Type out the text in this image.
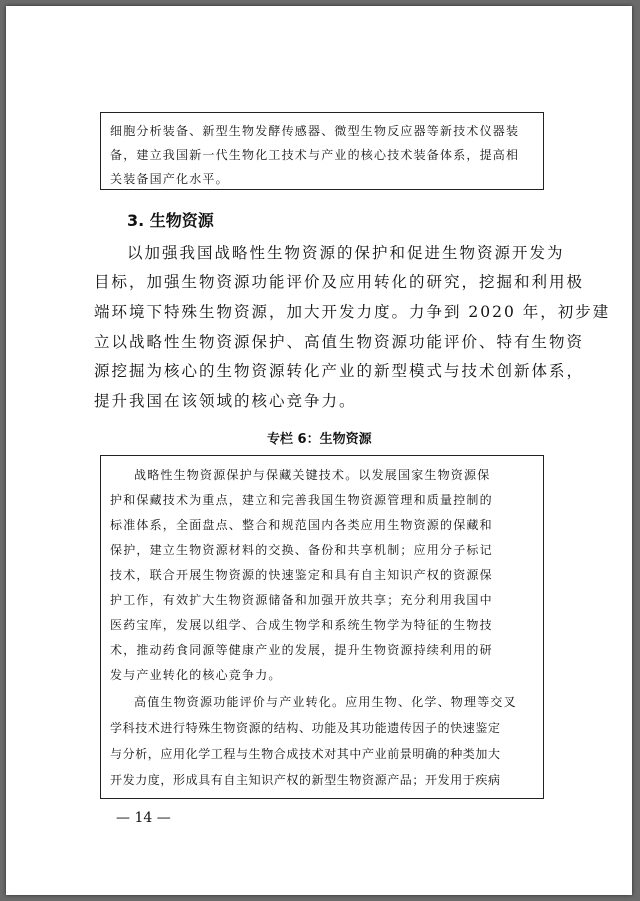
细胞分析装备、新型生物发酵传感器、微型生物反应器等新技术仪器装
备，建立我国新一代生物化工技术与产业的核心技术装备体系，提高相
关装备国产化水平。
3. 生物资源
以加强我国战略性生物资源的保护和促进生物资源开发为
目标，加强生物资源功能评价及应用转化的研究，挖掘和利用极
端环境下特殊生物资源，加大开发力度。力争到 2020 年，初步建
立以战略性生物资源保护、高值生物资源功能评价、特有生物资
源挖掘为核心的生物资源转化产业的新型模式与技术创新体系，
提升我国在该领域的核心竞争力。
专栏 6：生物资源
战略性生物资源保护与保藏关键技术。以发展国家生物资源保
护和保藏技术为重点，建立和完善我国生物资源管理和质量控制的
标准体系，全面盘点、整合和规范国内各类应用生物资源的保藏和
保护，建立生物资源材料的交换、备份和共享机制；应用分子标记
技术，联合开展生物资源的快速鉴定和具有自主知识产权的资源保
护工作，有效扩大生物资源储备和加强开放共享；充分利用我国中
医药宝库，发展以组学、合成生物学和系统生物学为特征的生物技
术，推动药食同源等健康产业的发展，提升生物资源持续利用的研
发与产业转化的核心竞争力。
高值生物资源功能评价与产业转化。应用生物、化学、物理等交叉
学科技术进行特殊生物资源的结构、功能及其功能遗传因子的快速鉴定
与分析，应用化学工程与生物合成技术对其中产业前景明确的种类加大
开发力度，形成具有自主知识产权的新型生物资源产品；开发用于疾病
— 14 —
